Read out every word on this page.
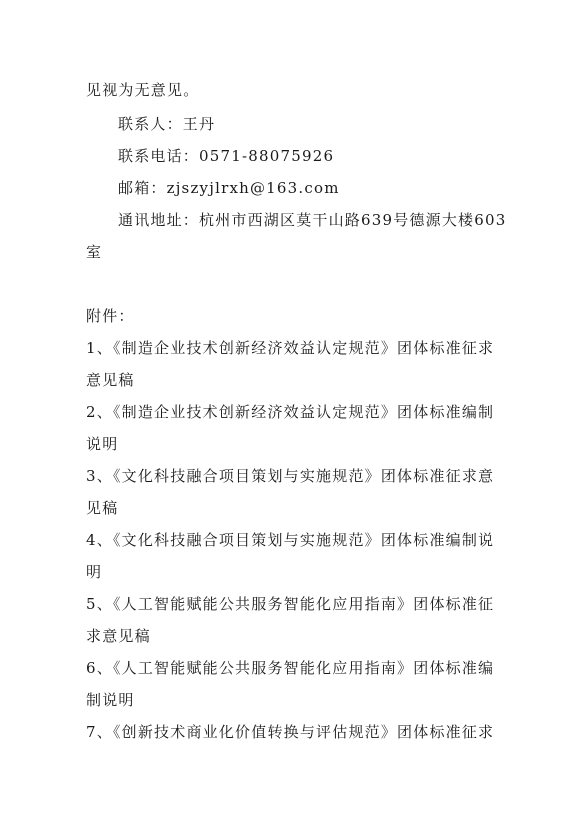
见视为无意见。
联系人：王丹
联系电话：0571-88075926
邮箱：zjszyjlrxh@163.com
通讯地址：杭州市西湖区莫干山路639号德源大楼603
室
附件：
1、《制造企业技术创新经济效益认定规范》团体标准征求
意见稿
2、《制造企业技术创新经济效益认定规范》团体标准编制
说明
3、《文化科技融合项目策划与实施规范》团体标准征求意
见稿
4、《文化科技融合项目策划与实施规范》团体标准编制说
明
5、《人工智能赋能公共服务智能化应用指南》团体标准征
求意见稿
6、《人工智能赋能公共服务智能化应用指南》团体标准编
制说明
7、《创新技术商业化价值转换与评估规范》团体标准征求
